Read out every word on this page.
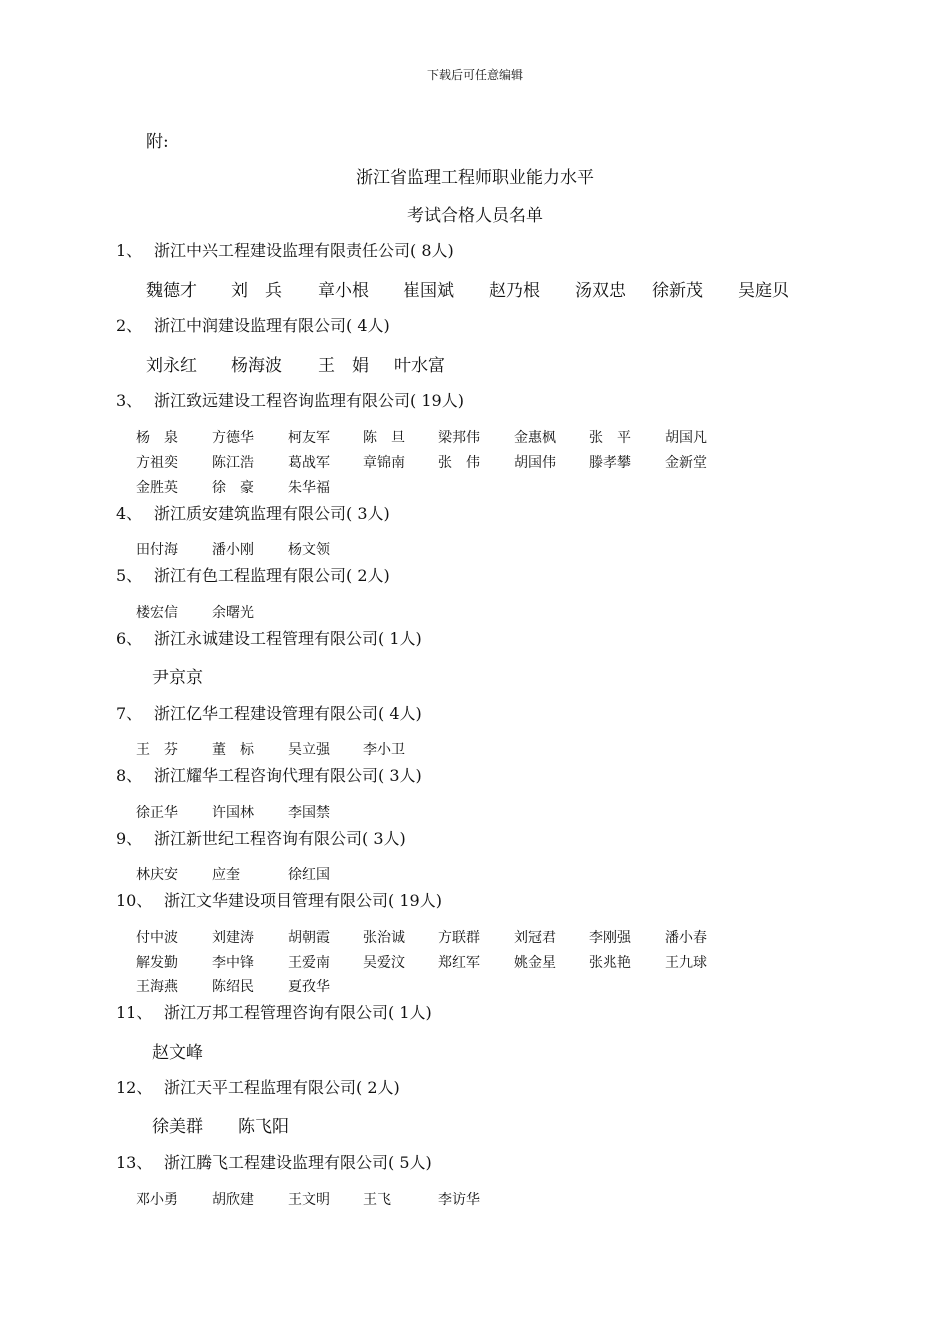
下载后可任意编辑
附:
浙江省监理工程师职业能力水平
考试合格人员名单
1、 浙江中兴工程建设监理有限责任公司( 8人)
魏德才 刘　兵 章小根 崔国斌 赵乃根 汤双忠 徐新茂 吴庭贝
2、 浙江中润建设监理有限公司( 4人)
刘永红 杨海波 王　娟 叶水富
3、 浙江致远建设工程咨询监理有限公司( 19人)
杨　泉 方德华 柯友军 陈　旦 梁邦伟 金惠枫 张　平 胡国凡
方祖奕 陈江浩 葛战军 章锦南 张　伟 胡国伟 滕孝攀 金新堂
金胜英 徐　豪 朱华福
4、 浙江质安建筑监理有限公司( 3人)
田付海 潘小刚 杨文领
5、 浙江有色工程监理有限公司( 2人)
楼宏信 余曙光
6、 浙江永诚建设工程管理有限公司( 1人)
尹京京
7、 浙江亿华工程建设管理有限公司( 4人)
王　芬 董　标 吴立强 李小卫
8、 浙江耀华工程咨询代理有限公司( 3人)
徐正华 许国林 李国禁
9、 浙江新世纪工程咨询有限公司( 3人)
林庆安 应奎	徐红国
10、 浙江文华建设项目管理有限公司( 19人)
付中波 刘建涛 胡朝霞 张治诚 方联群 刘冠君 李刚强 潘小春
解发勤 李中锋 王爱南 吴爱汶 郑红军 姚金星 张兆艳 王九球
王海燕 陈绍民 夏孜华
11、 浙江万邦工程管理咨询有限公司( 1人)
赵文峰
12、 浙江天平工程监理有限公司( 2人)
徐美群 陈飞阳
13、 浙江腾飞工程建设监理有限公司( 5人)
邓小勇 胡欣建 王文明 王飞	李访华
